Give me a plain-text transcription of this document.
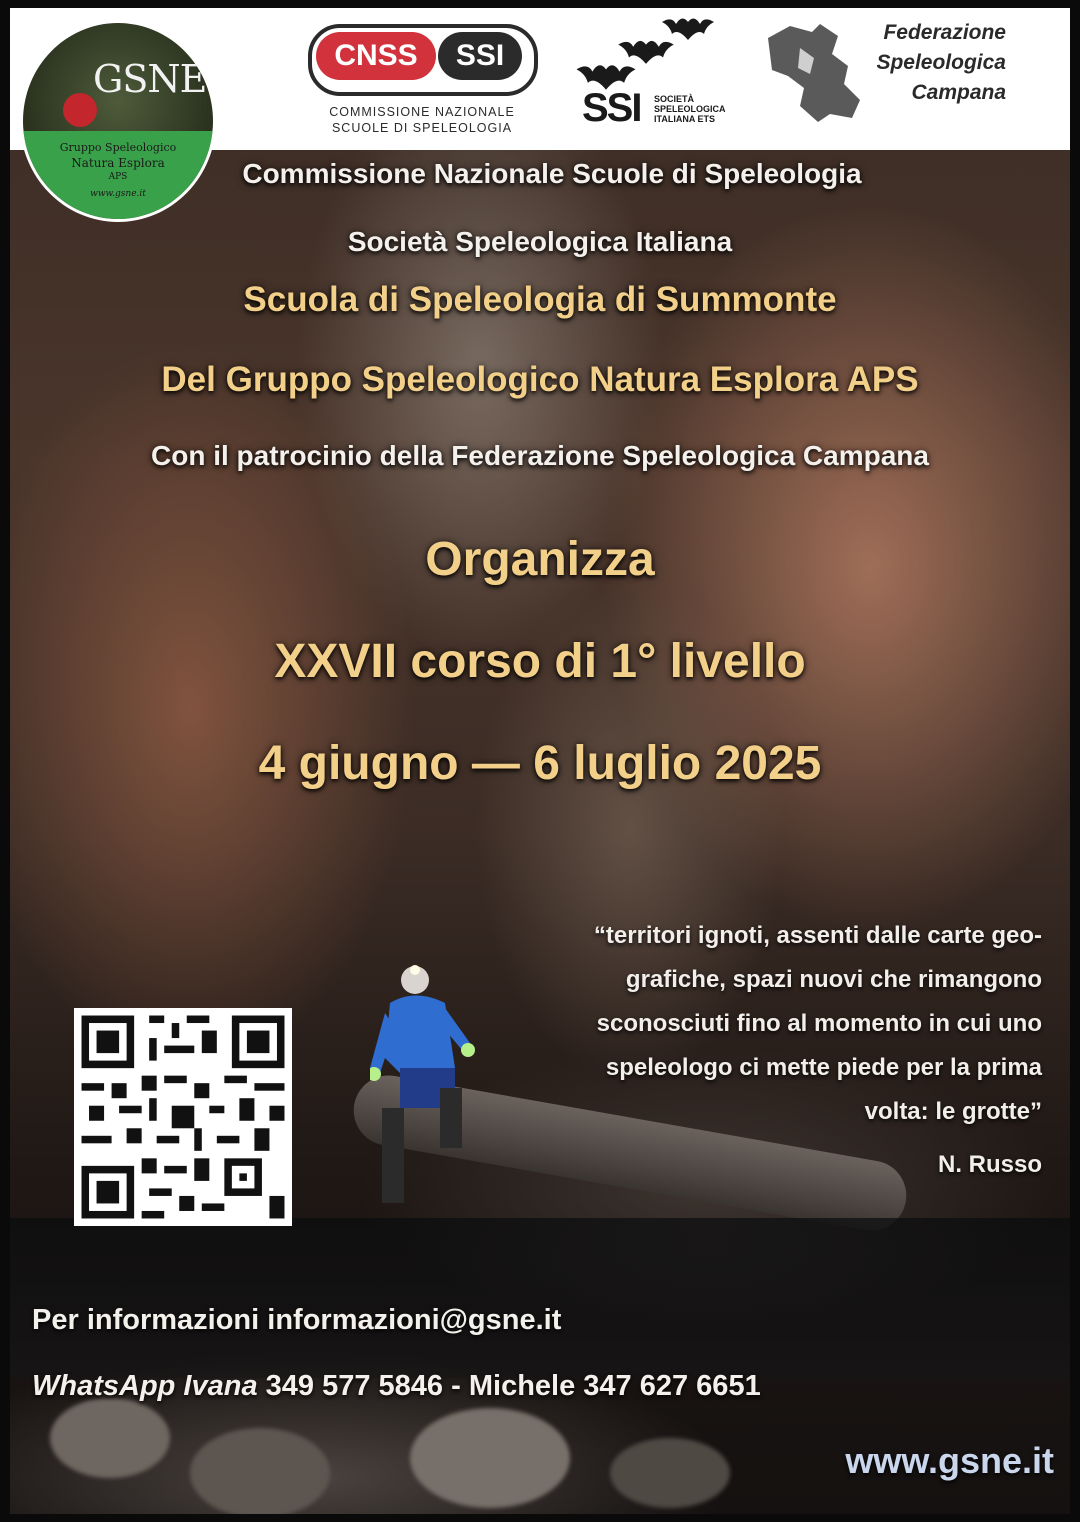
GSNE
Gruppo Speleologico
Natura Esplora
APS
www.gsne.it
CNSS	SSI
COMMISSIONE NAZIONALE
SCUOLE DI SPELEOLOGIA	SSI SOCIETÀ
SPELEOLOGICA
ITALIANA ETS
Federazione
Speleologica
Campana
Commissione Nazionale Scuole di Speleologia
Società Speleologica Italiana
Scuola di Speleologia di Summonte
Del Gruppo Speleologico Natura Esplora APS
Con il patrocinio della Federazione Speleologica Campana
Organizza
XXVII corso di 1° livello
4 giugno — 6 luglio 2025
“territori ignoti, assenti dalle carte geo-
grafiche, spazi nuovi che rimangono
sconosciuti fino al momento in cui uno
speleologo ci mette piede per la prima
volta: le grotte”
N. Russo
Per informazioni informazioni@gsne.it
WhatsApp Ivana 349 577 5846 - Michele 347 627 6651
www.gsne.it
